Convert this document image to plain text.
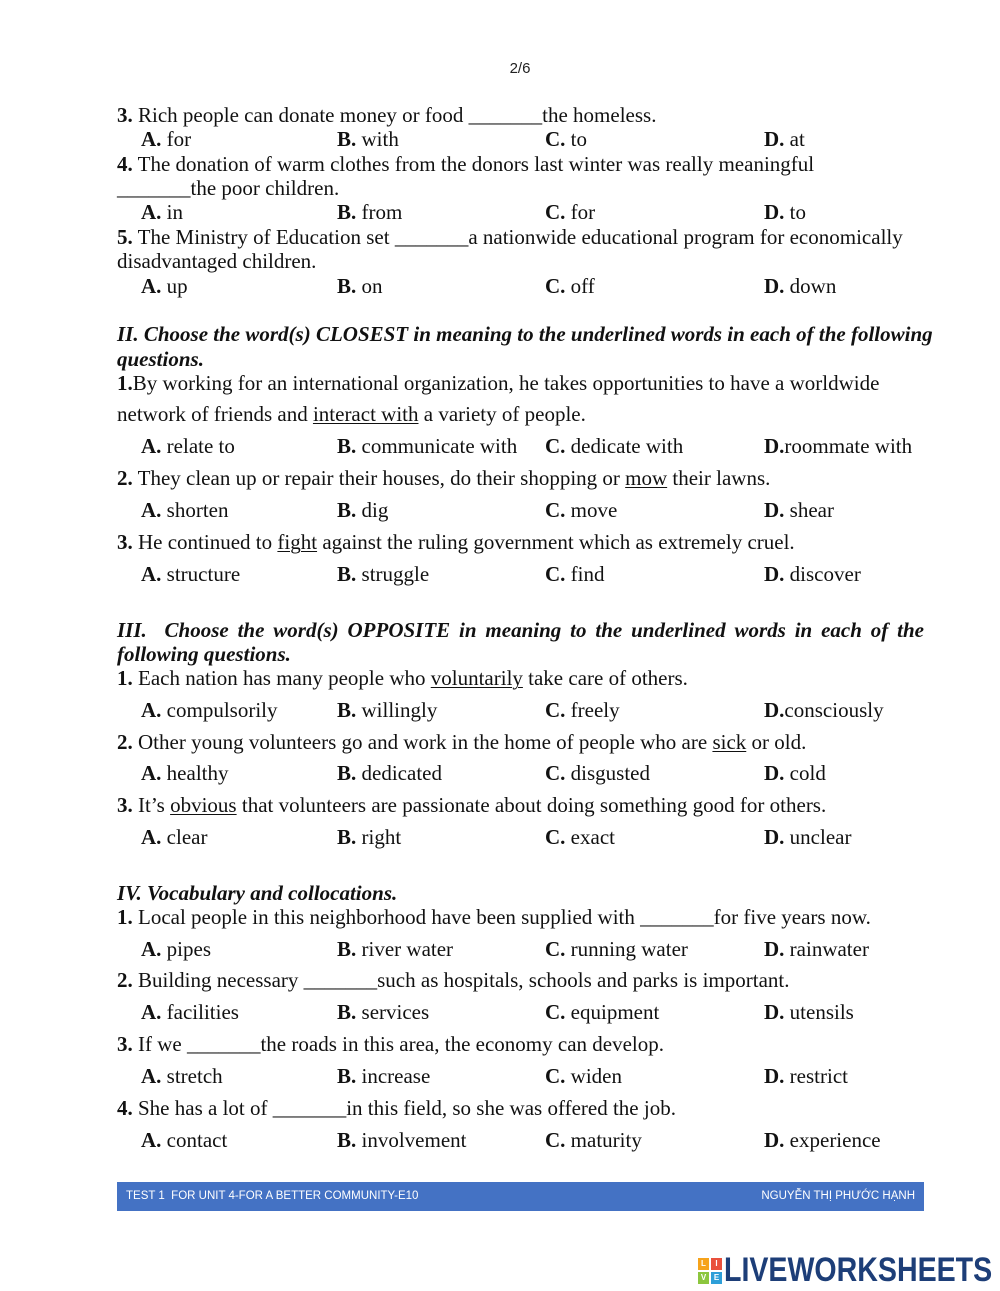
2/6
3. Rich people can donate money or food _______the homeless.
A. for	B. with	C. to	D. at
4. The donation of warm clothes from the donors last winter was really meaningful
_______the poor children.
A. in	B. from	C. for	D. to
5. The Ministry of Education set _______a nationwide educational program for economically
disadvantaged children.
A. up	B. on	C. off	D. down
II. Choose the word(s) CLOSEST in meaning to the underlined words in each of the following
questions.
1.By working for an international organization, he takes opportunities to have a worldwide
network of friends and interact with a variety of people.
A. relate to	B. communicate with C. dedicate with	D.roommate with
2. They clean up or repair their houses, do their shopping or mow their lawns.
A. shorten	B. dig	C. move	D. shear
3. He continued to fight against the ruling government which as extremely cruel.
A. structure	B. struggle	C. find	D. discover
III.  Choose the word(s) OPPOSITE in meaning to the underlined words in each of the
following questions.
1. Each nation has many people who voluntarily take care of others.
A. compulsorily	B. willingly	C. freely	D.consciously
2. Other young volunteers go and work in the home of people who are sick or old.
A. healthy	B. dedicated	C. disgusted	D. cold
3. It’s obvious that volunteers are passionate about doing something good for others.
A. clear	B. right	C. exact	D. unclear
IV. Vocabulary and collocations.
1. Local people in this neighborhood have been supplied with _______for five years now.
A. pipes	B. river water	C. running water	D. rainwater
2. Building necessary _______such as hospitals, schools and parks is important.
A. facilities	B. services	C. equipment	D. utensils
3. If we _______the roads in this area, the economy can develop.
A. stretch	B. increase	C. widen	D. restrict
4. She has a lot of _______in this field, so she was offered the job.
A. contact	B. involvement	C. maturity	D. experience
TEST 1  FOR UNIT 4-FOR A BETTER COMMUNITY-E10	NGUYỄN THỊ PHƯỚC HẠNH
L	I
V E LIVEWORKSHEETS
